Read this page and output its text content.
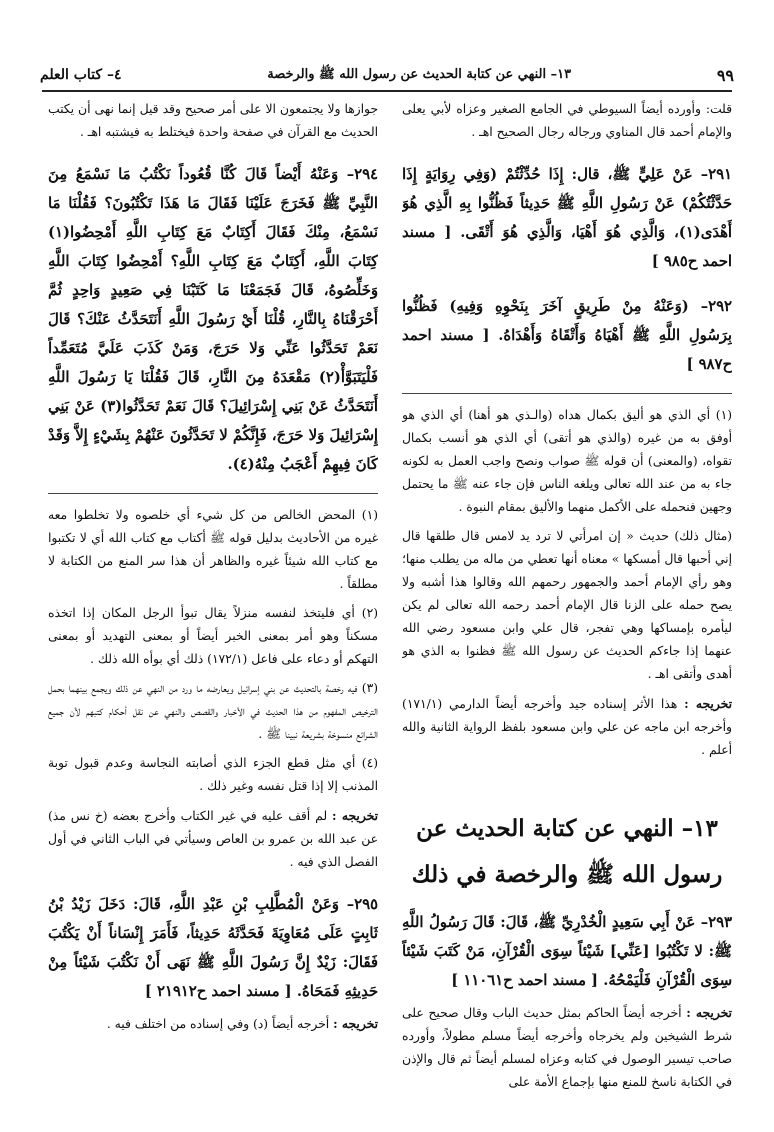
٩٩
١٣– النهي عن كتابة الحديث عن رسول الله ﷺ والرخصة
٤– كتاب العلم

قلت: وأورده أيضاً السيوطي في الجامع الصغير وعزاه لأبي يعلى والإمام أحمد قال المناوي ورجاله رجال الصحيح اهـ .

٢٩١– عَنْ عَلِيٍّ ﷺ، قال: إِذَا حُدِّثْتُمْ (وَفِي رِوَايَةٍ إِذَا حَدَّثْتُكُمْ) عَنْ رَسُولِ اللَّهِ ﷺ حَدِيثاً فَظُنُّوا بِهِ الَّذِي هُوَ أَهْدَى(١)، وَالَّذِي هُوَ أَهْيَا، وَالَّذِي هُوَ أَتْقَى. [ مسند احمد ح٩٨٥ ]

٢٩٢– (وَعَنْهُ مِنْ طَرِيقٍ آخَرَ بِنَحْوِهِ وَفِيهِ) فَظُنُّوا بِرَسُولِ اللَّهِ ﷺ أَهْيَاهُ وَأَتْقَاهُ وَأَهْدَاهُ. [ مسند احمد ح٩٨٧ ]

(١) أي الذي هو أليق بكمال هداه (والـذي هو أهنا) أي الذي هو أوفق به من غيره (والذي هو أتقى) أي الذي هو أنسب بكمال تقواه، (والمعنى) أن قوله ﷺ صواب ونصح واجب العمل به لكونه جاء به من عند الله تعالى ويلغه الناس فإن جاء عنه ﷺ ما يحتمل وجهين فنحمله على الأكمل منهما والأليق بمقام النبوة .

(مثال ذلك) حديث « إن امرأتي لا ترد يد لامس قال طلقها قال إني أحبها قال أمسكها » معناه أنها تعطي من ماله من يطلب منها؛ وهو رأي الإمام أحمد والجمهور رحمهم الله وقالوا هذا أشبه ولا يصح حمله على الزنا قال الإمام أحمد رحمه الله تعالى لم يكن ليأمره بإمساكها وهي تفجر، قال علي وابن مسعود رضي الله عنهما إذا جاءكم الحديث عن رسول الله ﷺ فظنوا به الذي هو أهدى وأتقى اهـ .

تخريجه : هذا الأثر إسناده جيد وأخرجه أيضاً الدارمي (١٧١/١) وأخرجه ابن ماجه عن علي وابن مسعود بلفظ الرواية الثانية والله أعلم .

١٣– النهي عن كتابة الحديث عن
رسول الله ﷺ والرخصة في ذلك

٢٩٣– عَنْ أَبِي سَعِيدٍ الْخُدْرِيِّ ﷺ، قَالَ: قَالَ رَسُولُ اللَّهِ ﷺ: لا تَكْتُبُوا [عَنِّي] شَيْئاً سِوَى الْقُرْآنِ، مَنْ كَتَبَ شَيْئاً سِوَى الْقُرْآنِ فَلْيَمْحُهُ. [ مسند احمد ح١١٠٦١ ]

تخريجه : أخرجه أيضاً الحاكم بمثل حديث الباب وقال صحيح على شرط الشيخين ولم يخرجاه وأخرجه أيضاً مسلم مطولاً، وأورده صاحب تيسير الوصول في كتابه وعزاه لمسلم أيضاً ثم قال والإذن في الكتابة ناسخ للمنع منها بإجماع الأمة على

جوازها ولا يجتمعون الا على أمر صحيح وقد قيل إنما نهى أن يكتب الحديث مع القرآن في صفحة واحدة فيختلط به فيشتبه اهـ .

٢٩٤– وَعَنْهُ أَيْضاً قَالَ كُنَّا قُعُوداً نَكْتُبُ مَا نَسْمَعُ مِنَ النَّبِيِّ ﷺ فَخَرَجَ عَلَيْنَا فَقَالَ مَا هَذَا تَكْتُبُونَ؟ فَقُلْنَا مَا نَسْمَعُ، مِنْكَ فَقَالَ أَكِتَابٌ مَعَ كِتَابِ اللَّهِ أَمْحِضُوا(١) كِتَابَ اللَّهِ، أَكِتَابٌ مَعَ كِتَابِ اللَّهِ؟ أَمْحِضُوا كِتَابَ اللَّهِ وَخَلِّصُوهُ، قَالَ فَجَمَعْنَا مَا كَتَبْنَا فِي صَعِيدٍ وَاحِدٍ ثُمَّ أَحْرَقْنَاهُ بِالنَّارِ، قُلْنَا أَيْ رَسُولَ اللَّهِ أَنَتَحَدَّثُ عَنْكَ؟ قَالَ نَعَمْ تَحَدَّثُوا عَنِّي وَلا حَرَجَ، وَمَنْ كَذَبَ عَلَيَّ مُتَعَمِّداً فَلْيَتَبَوَّأْ(٢) مَقْعَدَهُ مِنَ النَّارِ، قَالَ فَقُلْنَا يَا رَسُولَ اللَّهِ أَنَتَحَدَّثُ عَنْ بَنِي إِسْرَائِيلَ؟ قَالَ نَعَمْ تَحَدَّثُوا(٣) عَنْ بَنِي إِسْرَائِيلَ وَلا حَرَجَ، فَإِنَّكُمْ لا تَحَدَّثُونَ عَنْهُمْ بِشَيْءٍ إِلاَّ وَقَدْ كَانَ فِيهِمْ أَعْجَبُ مِنْهُ(٤).

(١) المحض الخالص من كل شيء أي خلصوه ولا تخلطوا معه غيره من الأحاديث بدليل قوله ﷺ أكتاب مع كتاب الله أي لا تكتبوا مع كتاب الله شيئاً غيره والظاهر أن هذا سر المنع من الكتابة لا مطلقاً .

(٢) أي فليتخذ لنفسه منزلاً يقال تبوأ الرجل المكان إذا اتخذه مسكناً وهو أمر بمعنى الخبر أيضاً أو بمعنى التهديد أو بمعنى التهكم أو دعاء على فاعل (١٧٢/١) ذلك أي بوأه الله ذلك .

(٣) فيه رخصة بالتحديث عن بني إسرائيل ويعارضه ما ورد من النهي عن ذلك ويجمع بينهما بحمل الترخيص المفهوم من هذا الحديث في الأخبار والقصص والنهي عن نقل أحكام كتبهم لأن جميع الشرائع منسوخة بشريعة نبينا ﷺ .

(٤) أي مثل قطع الجزء الذي أصابته النجاسة وعدم قبول توبة المذنب إلا إذا قتل نفسه وغير ذلك .

تخريجه : لم أقف عليه في غير الكتاب وأخرج بعضه (خ نس مذ) عن عبد الله بن عمرو بن العاص وسيأتي في الباب الثاني في أول الفصل الذي فيه .

٢٩٥– وَعَنْ الْمُطَّلِبِ بْنِ عَبْدِ اللَّهِ، قَالَ: دَخَلَ زَيْدُ بْنُ ثَابِتٍ عَلَى مُعَاوِيَةَ فَحَدَّثَهُ حَدِيثاً، فَأَمَرَ إِنْسَاناً أَنْ يَكْتُبَ فَقَالَ: زَيْدٌ إِنَّ رَسُولَ اللَّهِ ﷺ نَهَى أَنْ نَكْتُبَ شَيْئاً مِنْ حَدِيثِهِ فَمَحَاهُ. [ مسند احمد ح٢١٩١٢ ]

تخريجه : أخرجه أيضاً (د) وفي إسناده من اختلف فيه .
